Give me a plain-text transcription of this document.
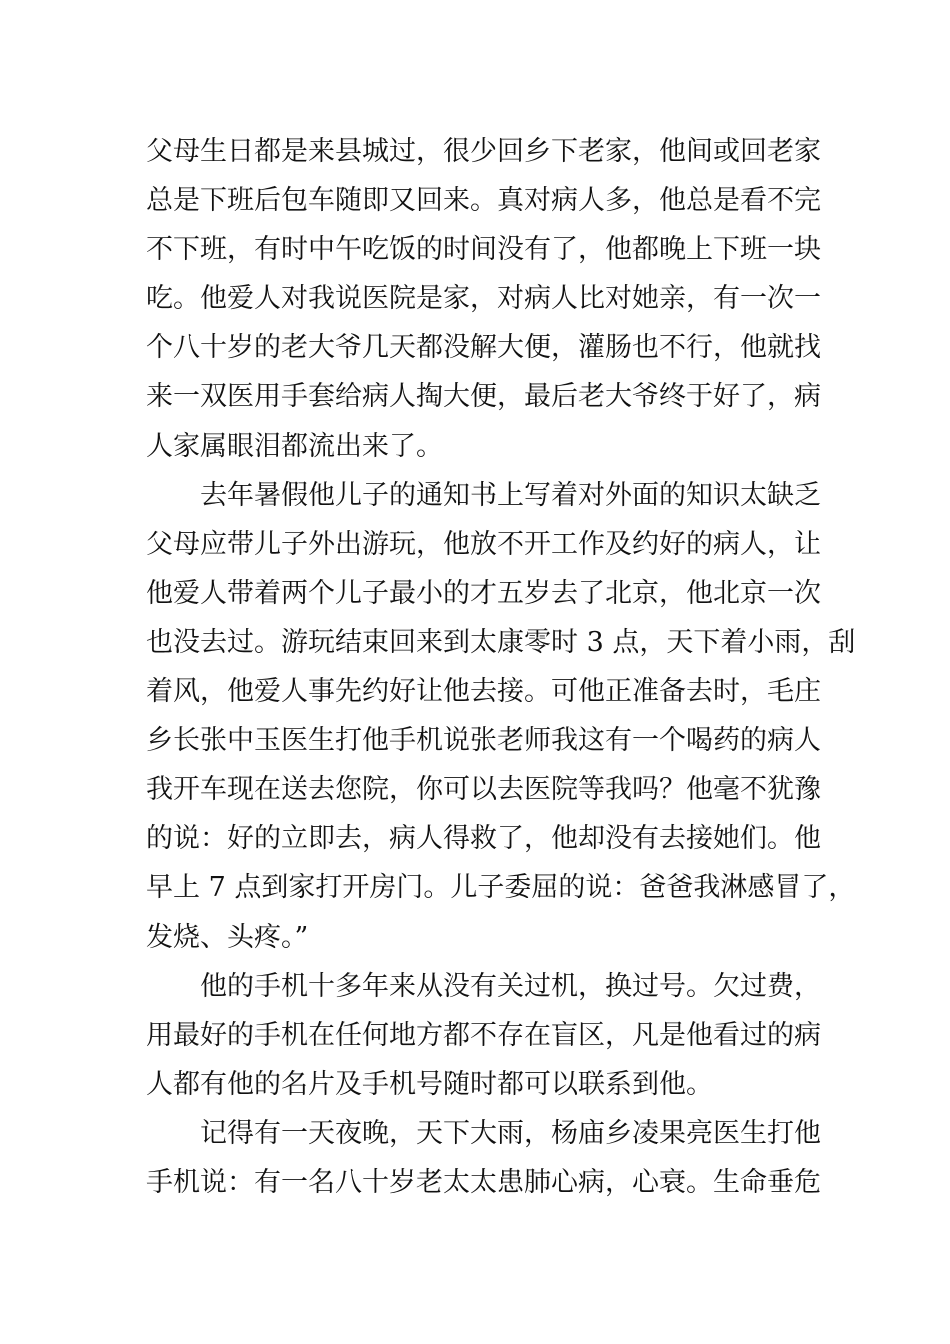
父母生日都是来县城过，很少回乡下老家，他间或回老家
总是下班后包车随即又回来。真对病人多，他总是看不完
不下班，有时中午吃饭的时间没有了，他都晚上下班一块
吃。他爱人对我说医院是家，对病人比对她亲，有一次一
个八十岁的老大爷几天都没解大便，灌肠也不行，他就找
来一双医用手套给病人掏大便，最后老大爷终于好了，病
人家属眼泪都流出来了。
去年暑假他儿子的通知书上写着对外面的知识太缺乏
父母应带儿子外出游玩，他放不开工作及约好的病人，让
他爱人带着两个儿子最小的才五岁去了北京，他北京一次
也没去过。游玩结束回来到太康零时 3 点，天下着小雨，刮
着风，他爱人事先约好让他去接。可他正准备去时，毛庄
乡长张中玉医生打他手机说张老师我这有一个喝药的病人
我开车现在送去您院，你可以去医院等我吗？他毫不犹豫
的说：好的立即去，病人得救了，他却没有去接她们。他
早上 7 点到家打开房门。儿子委屈的说：爸爸我淋感冒了，
发烧、头疼。”
他的手机十多年来从没有关过机，换过号。欠过费，
用最好的手机在任何地方都不存在盲区，凡是他看过的病
人都有他的名片及手机号随时都可以联系到他。
记得有一天夜晚，天下大雨，杨庙乡凌果亮医生打他
手机说：有一名八十岁老太太患肺心病，心衰。生命垂危
